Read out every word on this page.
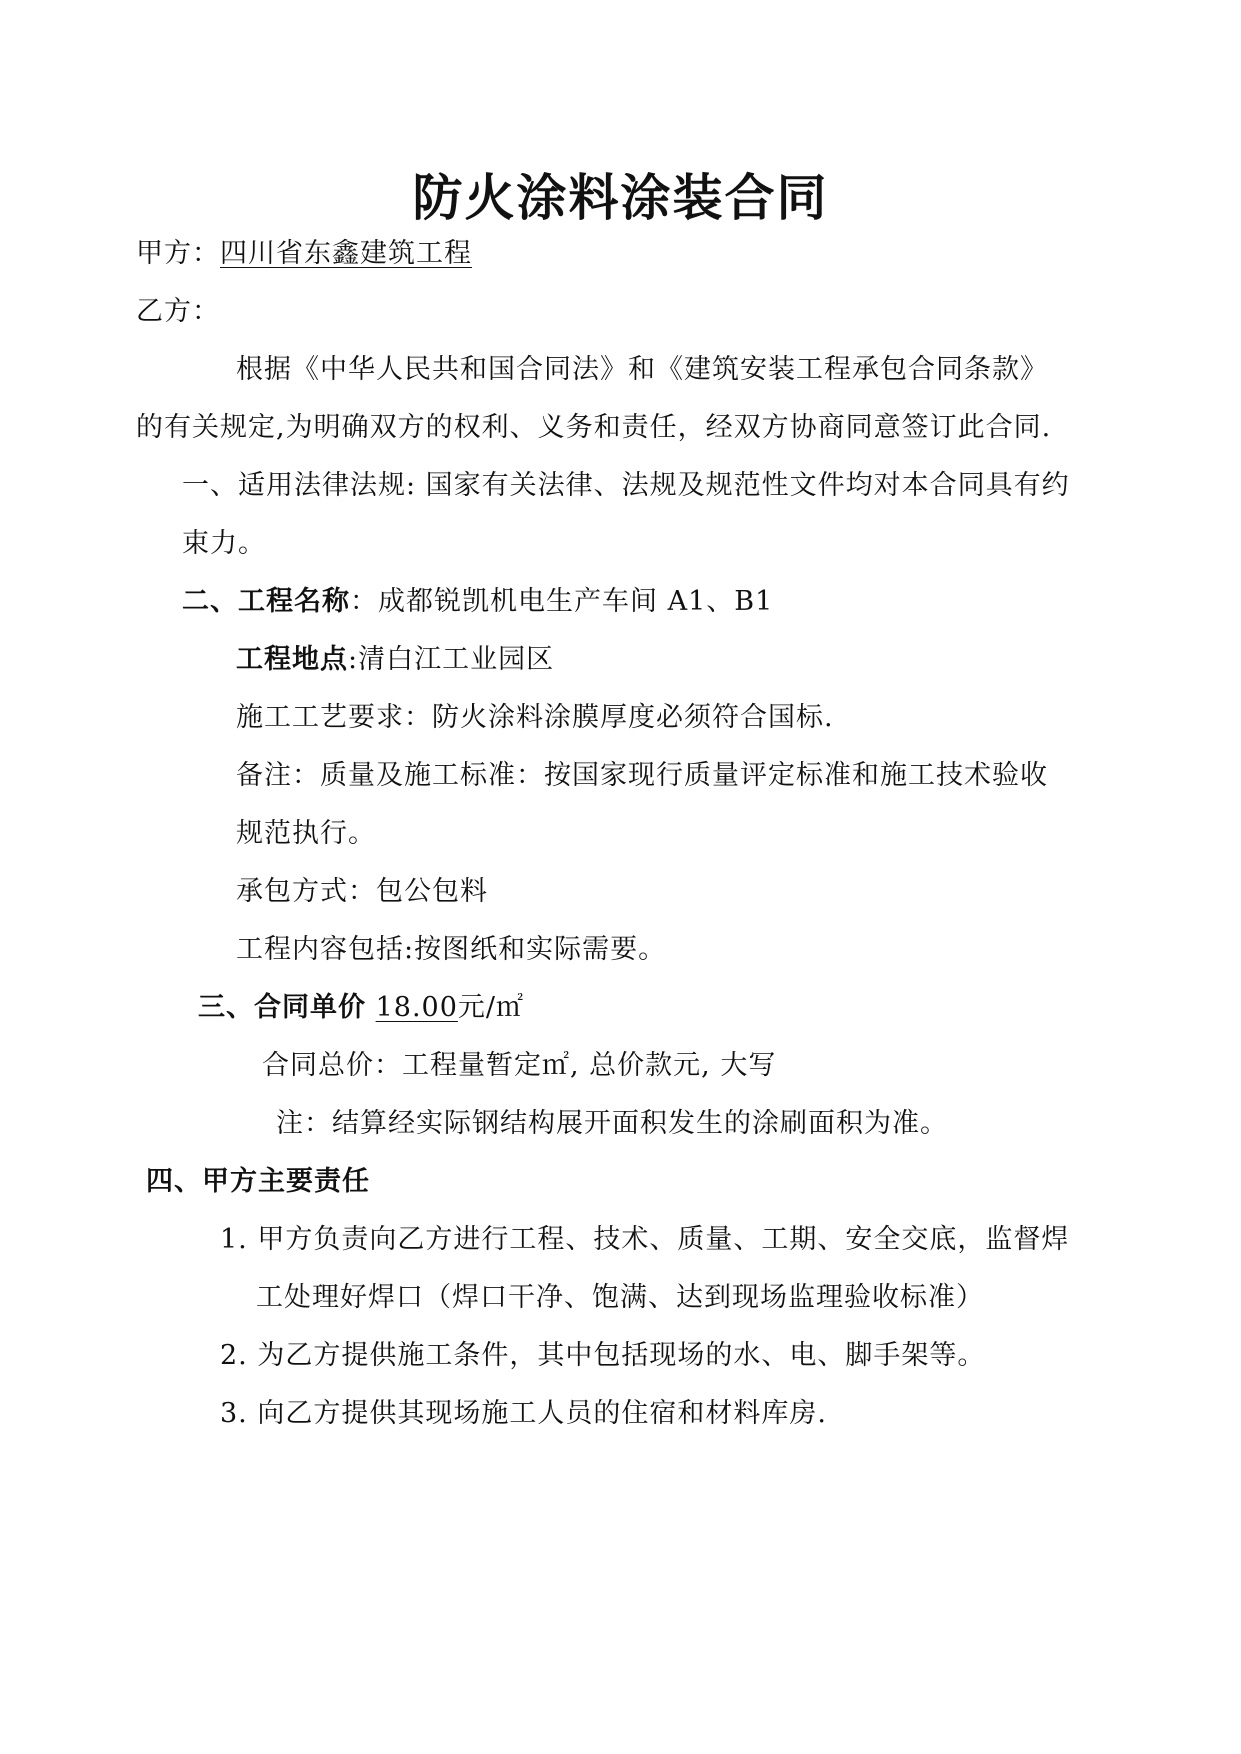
防火涂料涂装合同
甲方：四川省东鑫建筑工程
乙方：
根据《中华人民共和国合同法》和《建筑安装工程承包合同条款》
的有关规定,为明确双方的权利、义务和责任，经双方协商同意签订此合同.
一、适用法律法规: 国家有关法律、法规及规范性文件均对本合同具有约
束力。
二、工程名称：成都锐凯机电生产车间 A1、B1
工程地点:清白江工业园区
施工工艺要求：防火涂料涂膜厚度必须符合国标.
备注：质量及施工标准：按国家现行质量评定标准和施工技术验收
规范执行。
承包方式：包公包料
工程内容包括:按图纸和实际需要。
三、合同单价 18.00元/㎡
合同总价：工程量暂定㎡, 总价款元, 大写
注：结算经实际钢结构展开面积发生的涂刷面积为准。
四、甲方主要责任
1. 甲方负责向乙方进行工程、技术、质量、工期、安全交底，监督焊
工处理好焊口（焊口干净、饱满、达到现场监理验收标准）
2. 为乙方提供施工条件，其中包括现场的水、电、脚手架等。
3. 向乙方提供其现场施工人员的住宿和材料库房.
